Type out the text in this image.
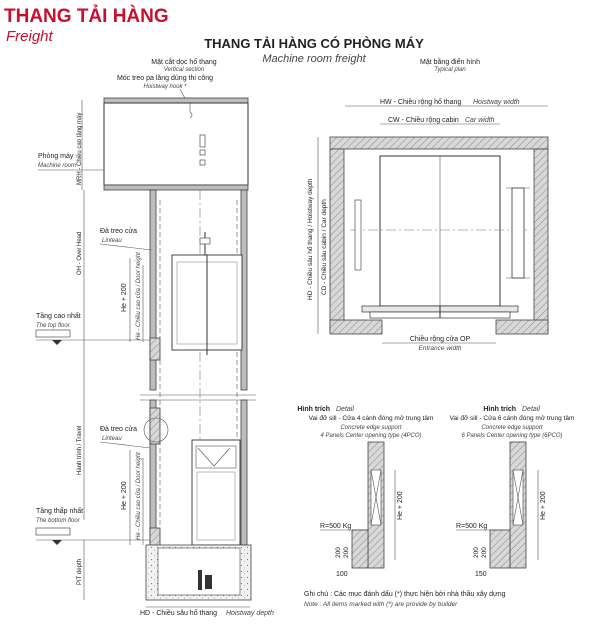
THANG TẢI HÀNG
Freight	THANG TẢI HÀNG CÓ PHÒNG MÁY
Machine room freight
Mặt cắt dọc hố thang
Vertical section
Móc treo pa lăng dùng thi công
Hoistway hook *
Phòng máy
Machine room MRH - Chiều cao tầng máy
Đà treo cửa
Linteau
OH - Over Head
He + 200 He - Chiều cao cửa / Door height
Tầng cao nhất
The top floor
Hành trình / Travel Đà treo cửa
Linteau
He + 200 He - Chiều cao cửa / Door height
Tầng thấp nhất
The bottom floor
PIT depth
HD - Chiều sâu hố thang Hoistway depth
Mặt bằng điển hình
Typical plan
HW - Chiều rộng hố thang Hoistway width
CW - Chiều rộng cabin Car width
HD - Chiều sâu hố thang / Hoistway depth	CD - Chiều sâu cabin / Car depth
Chiều rộng cửa OP
Entrance width
Hình trích Detail
Vai đỡ sill - Cửa 4 cánh đóng mở trung tâm
Concrete edge support
4 Panels Center opening type (4PCO)
He + 200
R=500 Kg
200
200
100
Hình trích Detail
Vai đỡ sill - Cửa 6 cánh đóng mở trung tâm
Concrete edge support
6 Panels Center opening type (6PCO)
He + 200
R=500 Kg
200
200
150
Ghi chú : Các mục đánh dấu (*) thực hiện bởi nhà thầu xây dựng
Note : All items marked with (*) are provide by builder
